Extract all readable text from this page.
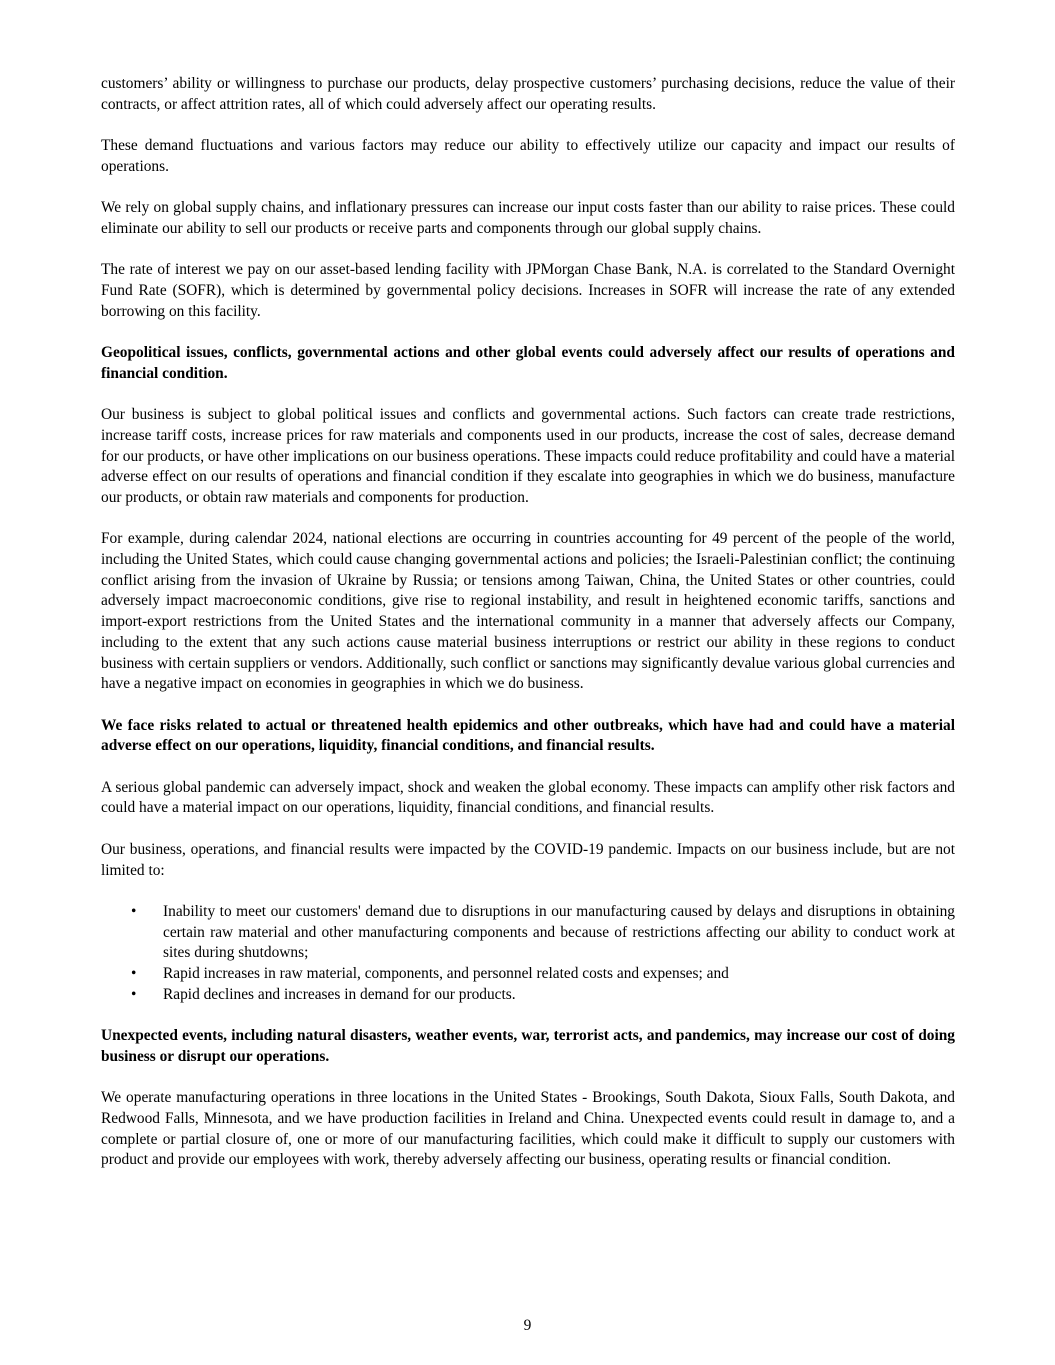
customers’ ability or willingness to purchase our products, delay prospective customers’ purchasing decisions, reduce the value of their contracts, or affect attrition rates, all of which could adversely affect our operating results.

These demand fluctuations and various factors may reduce our ability to effectively utilize our capacity and impact our results of operations.

We rely on global supply chains, and inflationary pressures can increase our input costs faster than our ability to raise prices. These could eliminate our ability to sell our products or receive parts and components through our global supply chains.

The rate of interest we pay on our asset-based lending facility with JPMorgan Chase Bank, N.A. is correlated to the Standard Overnight Fund Rate (SOFR), which is determined by governmental policy decisions. Increases in SOFR will increase the rate of any extended borrowing on this facility.

Geopolitical issues, conflicts, governmental actions and other global events could adversely affect our results of operations and financial condition.

Our business is subject to global political issues and conflicts and governmental actions. Such factors can create trade restrictions, increase tariff costs, increase prices for raw materials and components used in our products, increase the cost of sales, decrease demand for our products, or have other implications on our business operations. These impacts could reduce profitability and could have a material adverse effect on our results of operations and financial condition if they escalate into geographies in which we do business, manufacture our products, or obtain raw materials and components for production.

For example, during calendar 2024, national elections are occurring in countries accounting for 49 percent of the people of the world, including the United States, which could cause changing governmental actions and policies; the Israeli-Palestinian conflict; the continuing conflict arising from the invasion of Ukraine by Russia; or tensions among Taiwan, China, the United States or other countries, could adversely impact macroeconomic conditions, give rise to regional instability, and result in heightened economic tariffs, sanctions and import-export restrictions from the United States and the international community in a manner that adversely affects our Company, including to the extent that any such actions cause material business interruptions or restrict our ability in these regions to conduct business with certain suppliers or vendors. Additionally, such conflict or sanctions may significantly devalue various global currencies and have a negative impact on economies in geographies in which we do business.

We face risks related to actual or threatened health epidemics and other outbreaks, which have had and could have a material adverse effect on our operations, liquidity, financial conditions, and financial results.

A serious global pandemic can adversely impact, shock and weaken the global economy. These impacts can amplify other risk factors and could have a material impact on our operations, liquidity, financial conditions, and financial results.

Our business, operations, and financial results were impacted by the COVID-19 pandemic. Impacts on our business include, but are not limited to:

• Inability to meet our customers' demand due to disruptions in our manufacturing caused by delays and disruptions in obtaining certain raw material and other manufacturing components and because of restrictions affecting our ability to conduct work at sites during shutdowns;
• Rapid increases in raw material, components, and personnel related costs and expenses; and
• Rapid declines and increases in demand for our products.

Unexpected events, including natural disasters, weather events, war, terrorist acts, and pandemics, may increase our cost of doing business or disrupt our operations.

We operate manufacturing operations in three locations in the United States - Brookings, South Dakota, Sioux Falls, South Dakota, and Redwood Falls, Minnesota, and we have production facilities in Ireland and China. Unexpected events could result in damage to, and a complete or partial closure of, one or more of our manufacturing facilities, which could make it difficult to supply our customers with product and provide our employees with work, thereby adversely affecting our business, operating results or financial condition.

9
